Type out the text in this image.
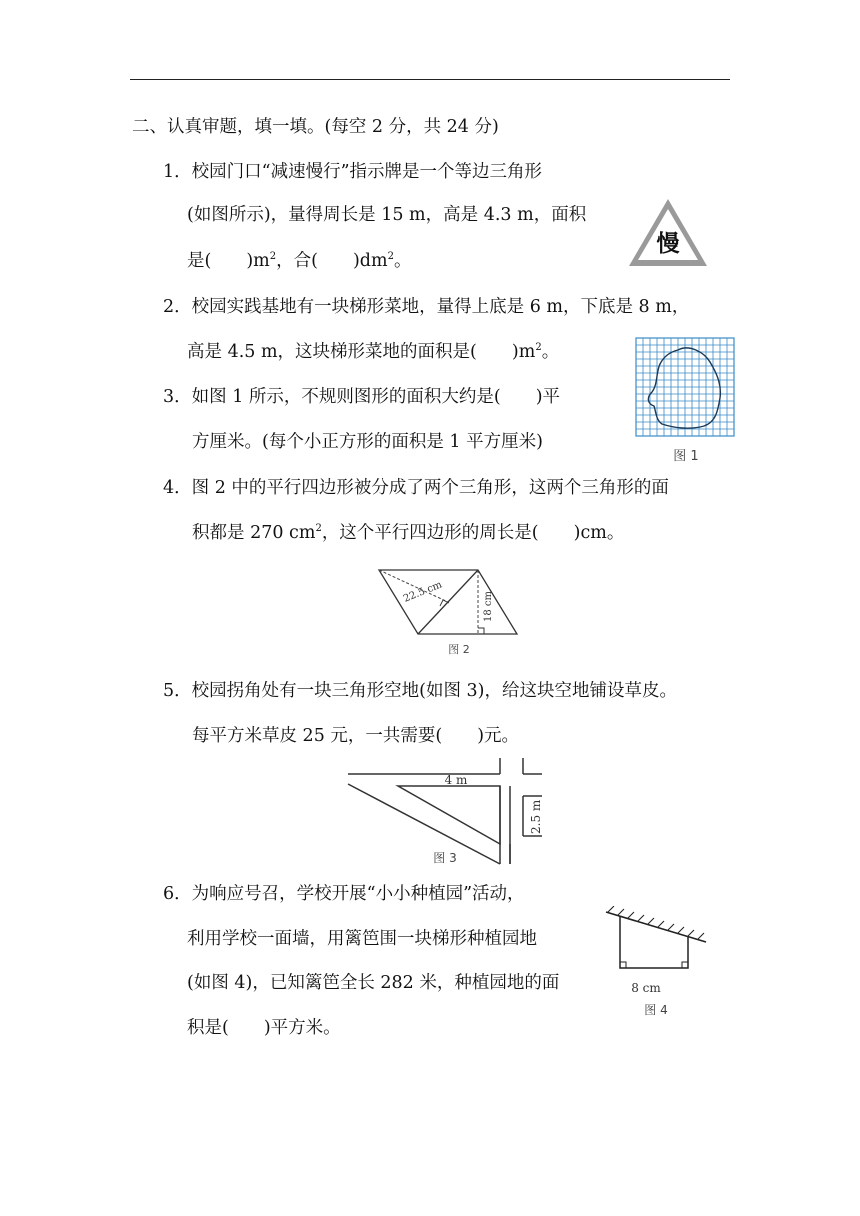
二、认真审题，填一填。(每空 2 分，共 24 分)
1．校园门口“减速慢行”指示牌是一个等边三角形
(如图所示)，量得周长是 15 m，高是 4.3 m，面积
是(　　)$m^2$，合(　　)$dm^2$。
慢
2．校园实践基地有一块梯形菜地，量得上底是 6 m，下底是 8 m，
高是 4.5 m，这块梯形菜地的面积是(　　)$m^2$。
图 1
3．如图 1 所示，不规则图形的面积大约是(　　)平
方厘米。(每个小正方形的面积是 1 平方厘米)
4．图 2 中的平行四边形被分成了两个三角形，这两个三角形的面
积都是 270 $cm^2$，这个平行四边形的周长是(　　)cm。
22.5 cm	18 cm
图 2
5．校园拐角处有一块三角形空地(如图 3)，给这块空地铺设草皮。
每平方米草皮 25 元，一共需要(　　)元。
4 m
2.5 m
图 3
6．为响应号召，学校开展“小小种植园”活动，
利用学校一面墙，用篱笆围一块梯形种植园地
(如图 4)，已知篱笆全长 282 米，种植园地的面
积是(　　)平方米。
8 cm
图 4
